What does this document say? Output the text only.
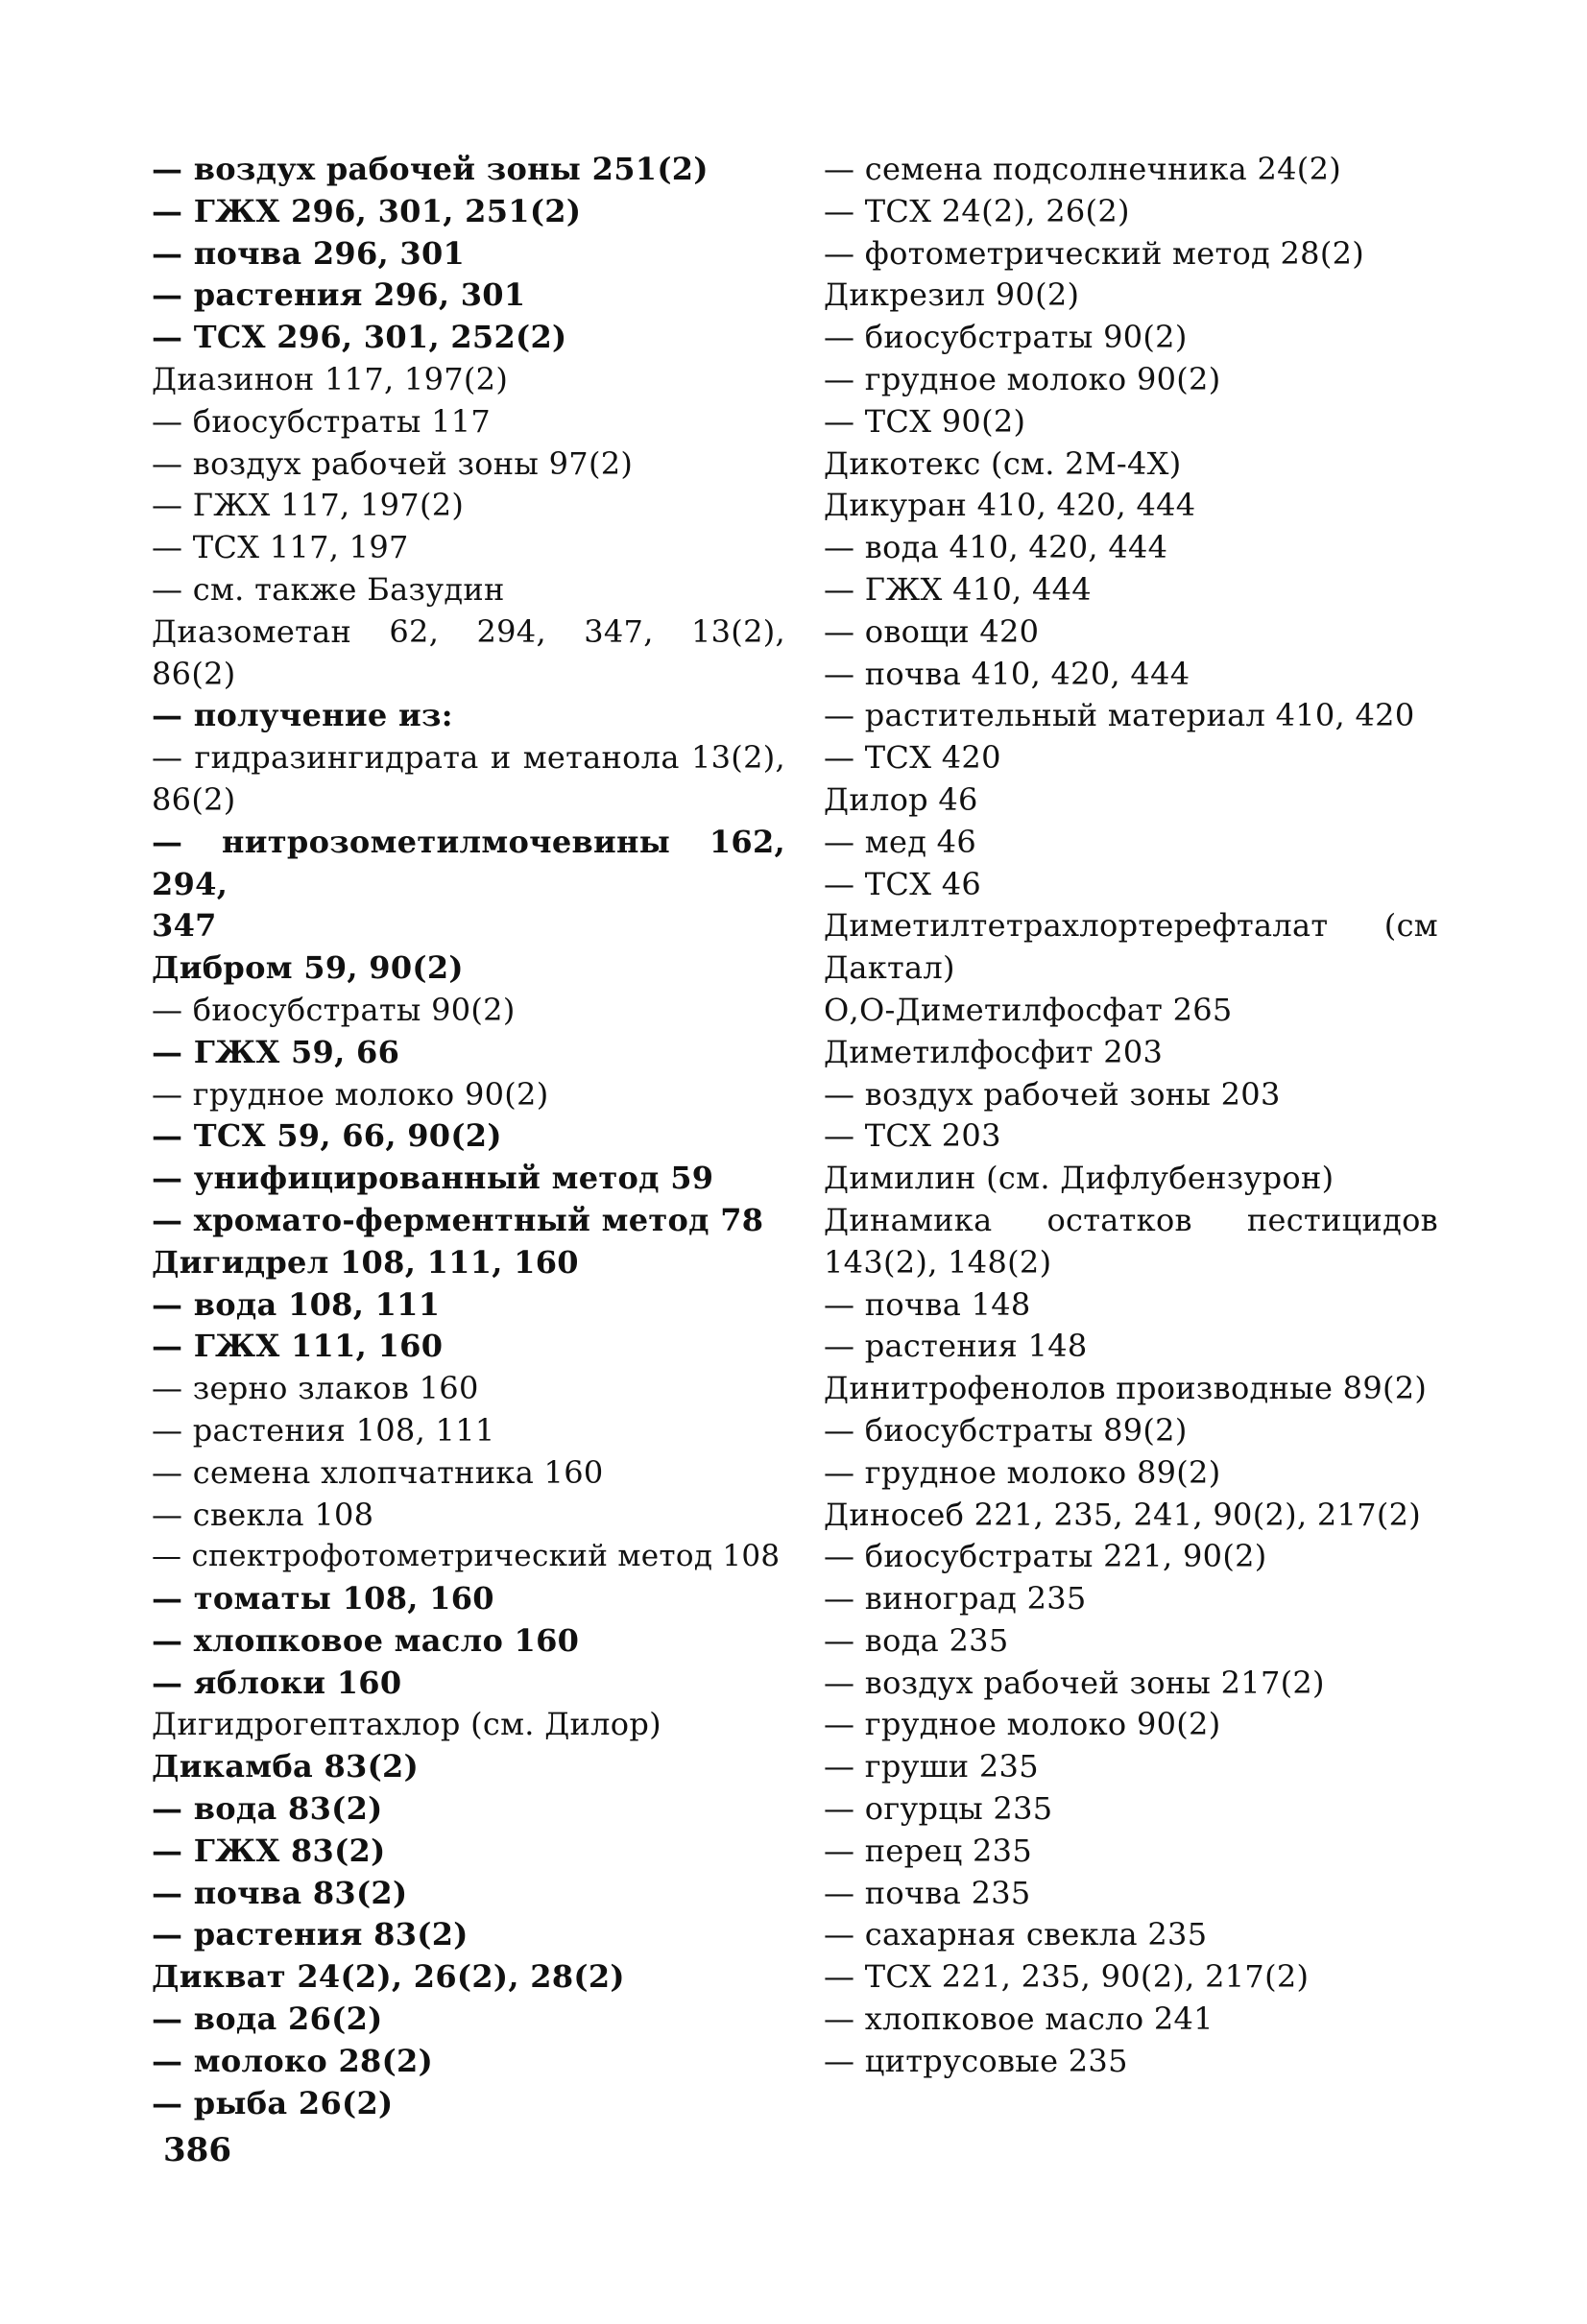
— воздух рабочей зоны 251(2)
— ГЖХ 296, 301, 251(2)
— почва 296, 301
— растения 296, 301
— ТСХ 296, 301, 252(2)
Диазинон 117, 197(2)
— биосубстраты 117
— воздух рабочей зоны 97(2)
— ГЖХ 117, 197(2)
— ТСХ 117, 197
— см. также Базудин
Диазометан 62, 294, 347, 13(2),
86(2)
— получение из:
— гидразингидрата и метанола 13(2),
86(2)
— нитрозометилмочевины 162, 294,
347
Дибром 59, 90(2)
— биосубстраты 90(2)
— ГЖХ 59, 66
— грудное молоко 90(2)
— ТСХ 59, 66, 90(2)
— унифицированный метод 59
— хромато-ферментный метод 78
Дигидрел 108, 111, 160
— вода 108, 111
— ГЖХ 111, 160
— зерно злаков 160
— растения 108, 111
— семена хлопчатника 160
— свекла 108
— спектрофотометрический метод 108
— томаты 108, 160
— хлопковое масло 160
— яблоки 160
Дигидрогептахлор (см. Дилор)
Дикамба 83(2)
— вода 83(2)
— ГЖХ 83(2)
— почва 83(2)
— растения 83(2)
Дикват 24(2), 26(2), 28(2)
— вода 26(2)
— молоко 28(2)
— рыба 26(2)
— семена подсолнечника 24(2)
— ТСХ 24(2), 26(2)
— фотометрический метод 28(2)
Дикрезил 90(2)
— биосубстраты 90(2)
— грудное молоко 90(2)
— ТСХ 90(2)
Дикотекс (см. 2М-4Х)
Дикуран 410, 420, 444
— вода 410, 420, 444
— ГЖХ 410, 444
— овощи 420
— почва 410, 420, 444
— растительный материал 410, 420
— ТСХ 420
Дилор 46
— мед 46
— ТСХ 46
Диметилтетрахлортерефталат (см
Дактал)
О,О-Диметилфосфат 265
Диметилфосфит 203
— воздух рабочей зоны 203
— ТСХ 203
Димилин (см. Дифлубензурон)
Динамика остатков пестицидов
143(2), 148(2)
— почва 148
— растения 148
Динитрофенолов производные 89(2)
— биосубстраты 89(2)
— грудное молоко 89(2)
Диносеб 221, 235, 241, 90(2), 217(2)
— биосубстраты 221, 90(2)
— виноград 235
— вода 235
— воздух рабочей зоны 217(2)
— грудное молоко 90(2)
— груши 235
— огурцы 235
— перец 235
— почва 235
— сахарная свекла 235
— ТСХ 221, 235, 90(2), 217(2)
— хлопковое масло 241
— цитрусовые 235
386
